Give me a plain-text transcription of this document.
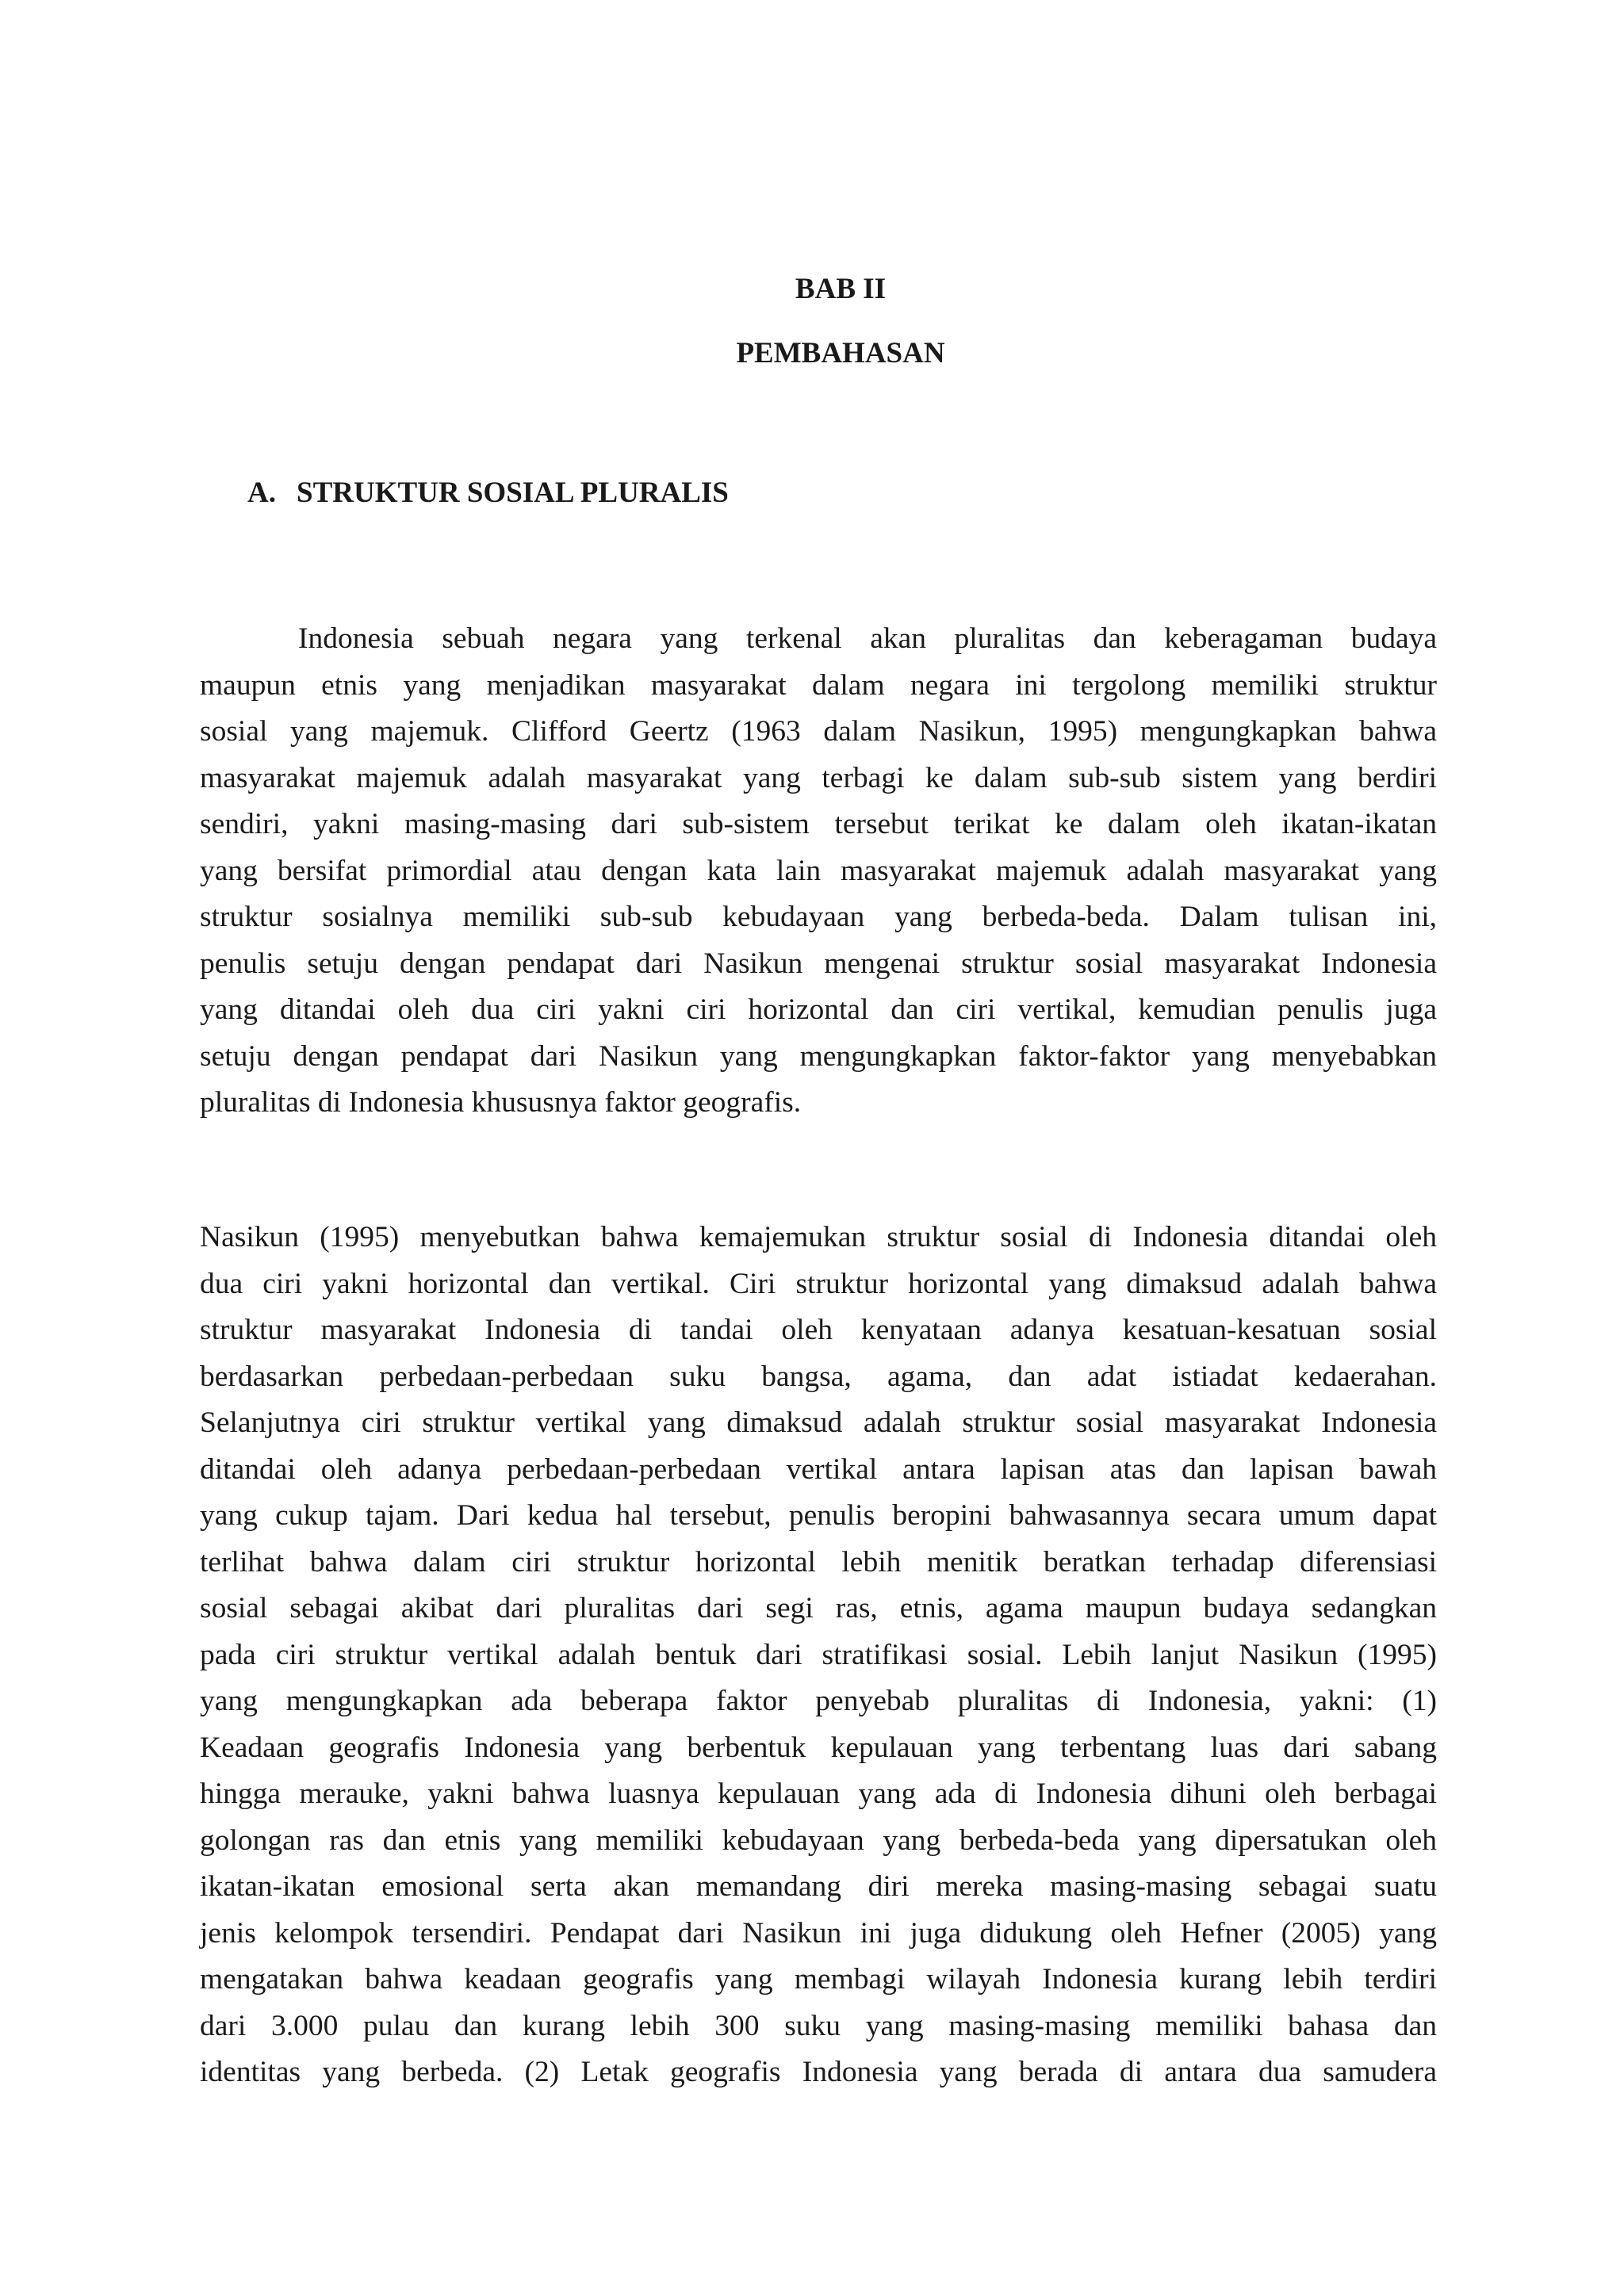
BAB II
PEMBAHASAN
A. STRUKTUR SOSIAL PLURALIS
Indonesia sebuah negara yang terkenal akan pluralitas dan keberagaman budaya
maupun etnis yang menjadikan masyarakat dalam negara ini tergolong memiliki struktur
sosial yang majemuk. Clifford Geertz (1963 dalam Nasikun, 1995) mengungkapkan bahwa
masyarakat majemuk adalah masyarakat yang terbagi ke dalam sub-sub sistem yang berdiri
sendiri, yakni masing-masing dari sub-sistem tersebut terikat ke dalam oleh ikatan-ikatan
yang bersifat primordial atau dengan kata lain masyarakat majemuk adalah masyarakat yang
struktur sosialnya memiliki sub-sub kebudayaan yang berbeda-beda. Dalam tulisan ini,
penulis setuju dengan pendapat dari Nasikun mengenai struktur sosial masyarakat Indonesia
yang ditandai oleh dua ciri yakni ciri horizontal dan ciri vertikal, kemudian penulis juga
setuju dengan pendapat dari Nasikun yang mengungkapkan faktor-faktor yang menyebabkan
pluralitas di Indonesia khususnya faktor geografis.
Nasikun (1995) menyebutkan bahwa kemajemukan struktur sosial di Indonesia ditandai oleh
dua ciri yakni horizontal dan vertikal. Ciri struktur horizontal yang dimaksud adalah bahwa
struktur masyarakat Indonesia di tandai oleh kenyataan adanya kesatuan-kesatuan sosial
berdasarkan perbedaan-perbedaan suku bangsa, agama, dan adat istiadat kedaerahan.
Selanjutnya ciri struktur vertikal yang dimaksud adalah struktur sosial masyarakat Indonesia
ditandai oleh adanya perbedaan-perbedaan vertikal antara lapisan atas dan lapisan bawah
yang cukup tajam. Dari kedua hal tersebut, penulis beropini bahwasannya secara umum dapat
terlihat bahwa dalam ciri struktur horizontal lebih menitik beratkan terhadap diferensiasi
sosial sebagai akibat dari pluralitas dari segi ras, etnis, agama maupun budaya sedangkan
pada ciri struktur vertikal adalah bentuk dari stratifikasi sosial. Lebih lanjut Nasikun (1995)
yang mengungkapkan ada beberapa faktor penyebab pluralitas di Indonesia, yakni: (1)
Keadaan geografis Indonesia yang berbentuk kepulauan yang terbentang luas dari sabang
hingga merauke, yakni bahwa luasnya kepulauan yang ada di Indonesia dihuni oleh berbagai
golongan ras dan etnis yang memiliki kebudayaan yang berbeda-beda yang dipersatukan oleh
ikatan-ikatan emosional serta akan memandang diri mereka masing-masing sebagai suatu
jenis kelompok tersendiri. Pendapat dari Nasikun ini juga didukung oleh Hefner (2005) yang
mengatakan bahwa keadaan geografis yang membagi wilayah Indonesia kurang lebih terdiri
dari 3.000 pulau dan kurang lebih 300 suku yang masing-masing memiliki bahasa dan
identitas yang berbeda. (2) Letak geografis Indonesia yang berada di antara dua samudera
